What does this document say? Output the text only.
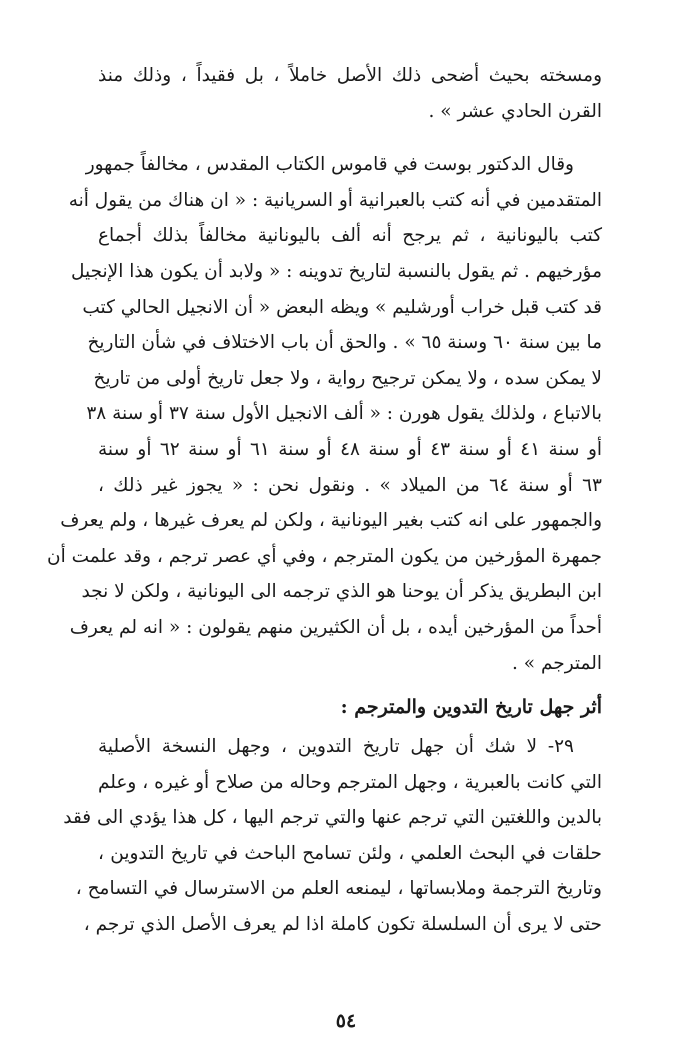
ومسخته بحيث أضحى ذلك الأصل خاملاً ، بل فقيداً ، وذلك منذ
القرن الحادي عشر » .
وقال الدكتور بوست في قاموس الكتاب المقدس ، مخالفاً جمهور
المتقدمين في أنه كتب بالعبرانية أو السريانية : « ان هناك من يقول أنه
كتب باليونانية ، ثم يرجح أنه ألف باليونانية مخالفاً بذلك أجماع
مؤرخيهم . ثم يقول بالنسبة لتاريخ تدوينه : « ولابد أن يكون هذا الإنجيل
قد كتب قبل خراب أورشليم » ويظه البعض « أن الانجيل الحالي كتب
ما بين سنة ٦٠ وسنة ٦٥ » . والحق أن باب الاختلاف في شأن التاريخ
لا يمكن سده ، ولا يمكن ترجيح رواية ، ولا جعل تاريخ أولى من تاريخ
بالاتباع ، ولذلك يقول هورن : « ألف الانجيل الأول سنة ٣٧ أو سنة ٣٨
أو سنة ٤١ أو سنة ٤٣ أو سنة ٤٨ أو سنة ٦١ أو سنة ٦٢ أو سنة
٦٣ أو سنة ٦٤ من الميلاد » . ونقول نحن : « يجوز غير ذلك ،
والجمهور على انه كتب بغير اليونانية ، ولكن لم يعرف غيرها ، ولم يعرف
جمهرة المؤرخين من يكون المترجم ، وفي أي عصر ترجم ، وقد علمت أن
ابن البطريق يذكر أن يوحنا هو الذي ترجمه الى اليونانية ، ولكن لا نجد
أحداً من المؤرخين أيده ، بل أن الكثيرين منهم يقولون : « انه لم يعرف
المترجم » .
أثر جهل تاريخ التدوين والمترجم :
٢٩- لا شك أن جهل تاريخ التدوين ، وجهل النسخة الأصلية
التي كانت بالعبرية ، وجهل المترجم وحاله من صلاح أو غيره ، وعلم
بالدين واللغتين التي ترجم عنها والتي ترجم اليها ، كل هذا يؤدي الى فقد
حلقات في البحث العلمي ، ولئن تسامح الباحث في تاريخ التدوين ،
وتاريخ الترجمة وملابساتها ، ليمنعه العلم من الاسترسال في التسامح ،
حتى لا يرى أن السلسلة تكون كاملة اذا لم يعرف الأصل الذي ترجم ،
٥٤
